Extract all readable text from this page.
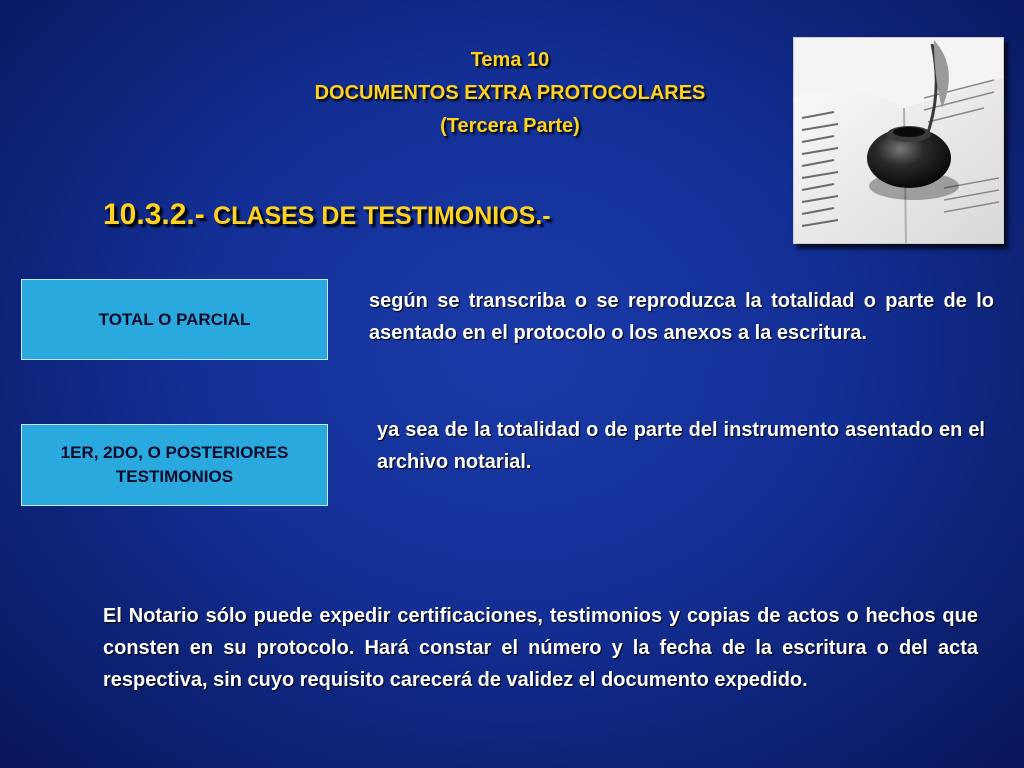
Tema 10
DOCUMENTOS EXTRA PROTOCOLARES
(Tercera Parte)
10.3.2.- CLASES DE TESTIMONIOS.-
TOTAL O PARCIAL
según se transcriba o se reproduzca la totalidad o parte de lo asentado en el protocolo o los anexos a la escritura.
1ER, 2DO, O POSTERIORES
TESTIMONIOS
ya sea de la totalidad o de parte del instrumento asentado en el archivo notarial.
El Notario sólo puede expedir certificaciones, testimonios y copias de actos o hechos que consten en su protocolo. Hará constar el número y la fecha de la escritura o del acta respectiva, sin cuyo requisito carecerá de validez el documento expedido.
